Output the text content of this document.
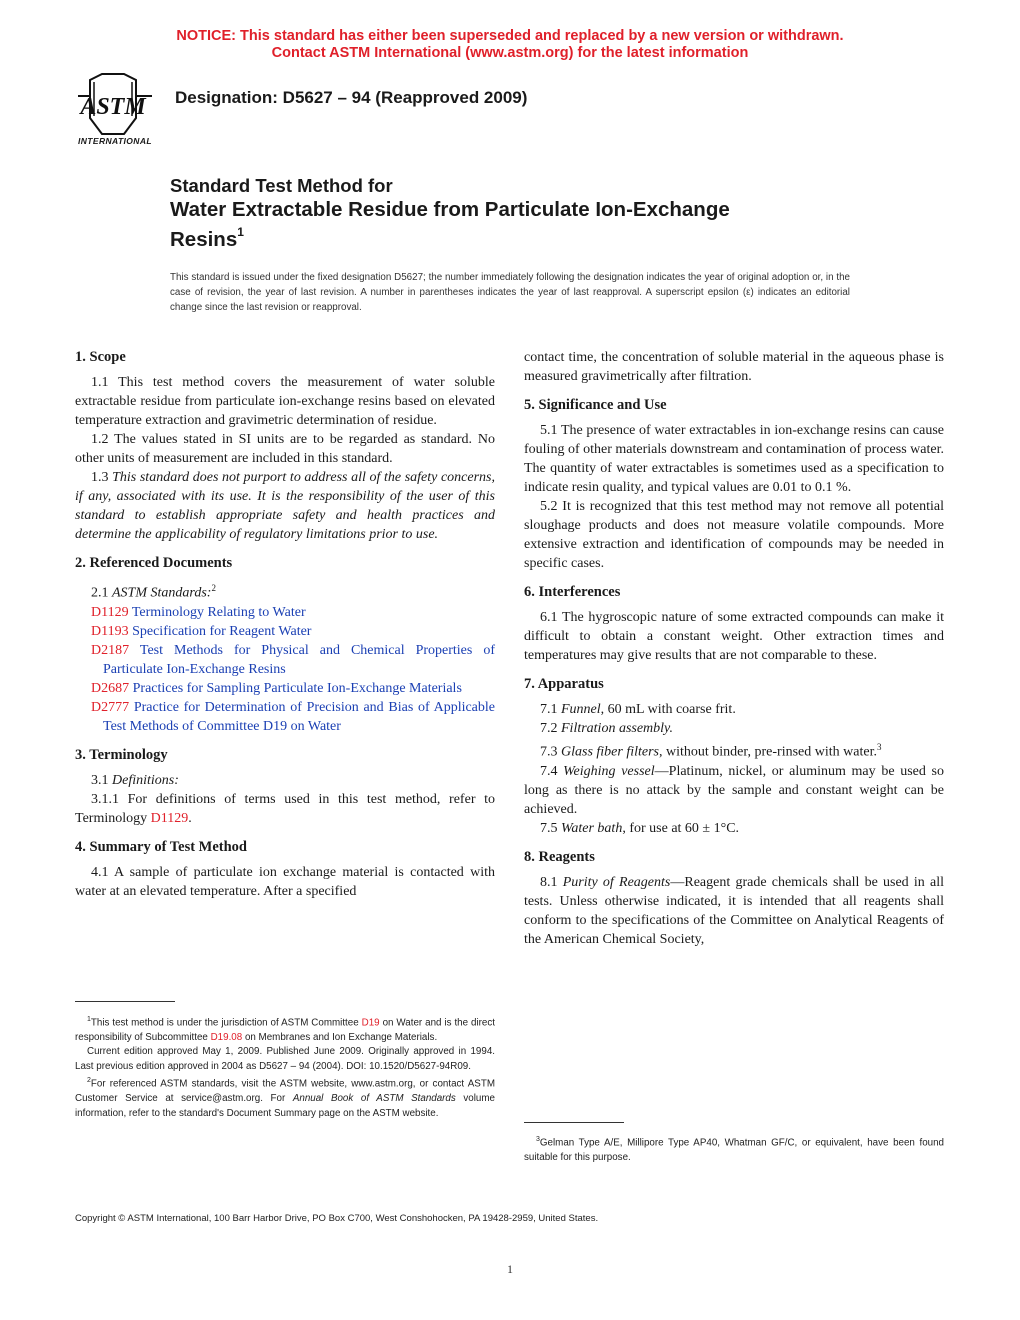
NOTICE: This standard has either been superseded and replaced by a new version or withdrawn.
Contact ASTM International (www.astm.org) for the latest information
ASTM
INTERNATIONAL
Designation: D5627 – 94 (Reapproved 2009)
Standard Test Method for
Water Extractable Residue from Particulate Ion-Exchange
Resins$^1$
This standard is issued under the fixed designation D5627; the number immediately following the designation indicates the year of original adoption or, in the case of revision, the year of last revision. A number in parentheses indicates the year of last reapproval. A superscript epsilon (ε) indicates an editorial change since the last revision or reapproval.
1. Scope

1.1 This test method covers the measurement of water soluble extractable residue from particulate ion-exchange resins based on elevated temperature extraction and gravimetric determination of residue.

1.2 The values stated in SI units are to be regarded as standard. No other units of measurement are included in this standard.

1.3 This standard does not purport to address all of the safety concerns, if any, associated with its use. It is the responsibility of the user of this standard to establish appropriate safety and health practices and determine the applicability of regulatory limitations prior to use.

2. Referenced Documents

2.1 ASTM Standards:$^2$

D1129 Terminology Relating to Water

D1193 Specification for Reagent Water

D2187 Test Methods for Physical and Chemical Properties of Particulate Ion-Exchange Resins

D2687 Practices for Sampling Particulate Ion-Exchange Materials

D2777 Practice for Determination of Precision and Bias of Applicable Test Methods of Committee D19 on Water

3. Terminology

3.1 Definitions:

3.1.1 For definitions of terms used in this test method, refer to Terminology D1129.

4. Summary of Test Method

4.1 A sample of particulate ion exchange material is contacted with water at an elevated temperature. After a specified

contact time, the concentration of soluble material in the aqueous phase is measured gravimetrically after filtration.

5. Significance and Use

5.1 The presence of water extractables in ion-exchange resins can cause fouling of other materials downstream and contamination of process water. The quantity of water extractables is sometimes used as a specification to indicate resin quality, and typical values are 0.01 to 0.1 %.

5.2 It is recognized that this test method may not remove all potential sloughage products and does not measure volatile compounds. More extensive extraction and identification of compounds may be needed in specific cases.

6. Interferences

6.1 The hygroscopic nature of some extracted compounds can make it difficult to obtain a constant weight. Other extraction times and temperatures may give results that are not comparable to these.

7. Apparatus

7.1 Funnel, 60 mL with coarse frit.

7.2 Filtration assembly.

7.3 Glass fiber filters, without binder, pre-rinsed with water.$^3$

7.4 Weighing vessel—Platinum, nickel, or aluminum may be used so long as there is no attack by the sample and constant weight can be achieved.

7.5 Water bath, for use at 60 ± 1°C.

8. Reagents

8.1 Purity of Reagents—Reagent grade chemicals shall be used in all tests. Unless otherwise indicated, it is intended that all reagents shall conform to the specifications of the Committee on Analytical Reagents of the American Chemical Society,

$^1$This test method is under the jurisdiction of ASTM Committee D19 on Water and is the direct responsibility of Subcommittee D19.08 on Membranes and Ion Exchange Materials.

Current edition approved May 1, 2009. Published June 2009. Originally approved in 1994. Last previous edition approved in 2004 as D5627 – 94 (2004). DOI: 10.1520/D5627-94R09.

$^2$For referenced ASTM standards, visit the ASTM website, www.astm.org, or contact ASTM Customer Service at service@astm.org. For Annual Book of ASTM Standards volume information, refer to the standard's Document Summary page on the ASTM website.

$^3$Gelman Type A/E, Millipore Type AP40, Whatman GF/C, or equivalent, have been found suitable for this purpose.

Copyright © ASTM International, 100 Barr Harbor Drive, PO Box C700, West Conshohocken, PA 19428-2959, United States.
1
